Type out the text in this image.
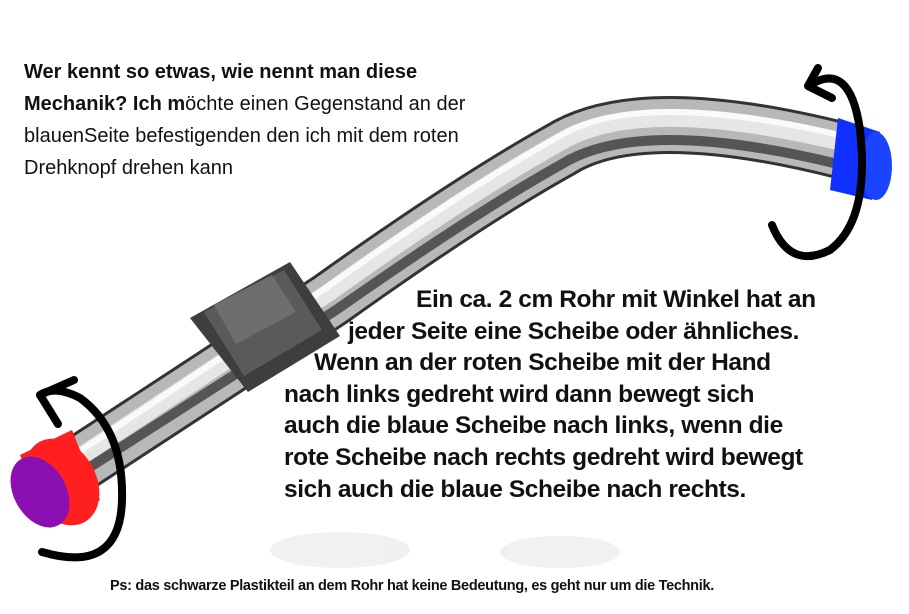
Wer kennt so etwas, wie nennt man diese Mechanik? Ich möchte einen Gegenstand an der blauenSeite befestigenden den ich mit dem roten Drehknopf drehen kann

Ein ca. 2 cm Rohr mit Winkel hat an
jeder Seite eine Scheibe oder ähnliches.
Wenn an der roten Scheibe mit der Hand
nach links gedreht wird dann bewegt sich
auch die blaue Scheibe nach links, wenn die
rote Scheibe nach rechts gedreht wird bewegt
sich auch die blaue Scheibe nach rechts.
Ps: das schwarze Plastikteil an dem Rohr hat keine Bedeutung, es geht nur um die Technik.
